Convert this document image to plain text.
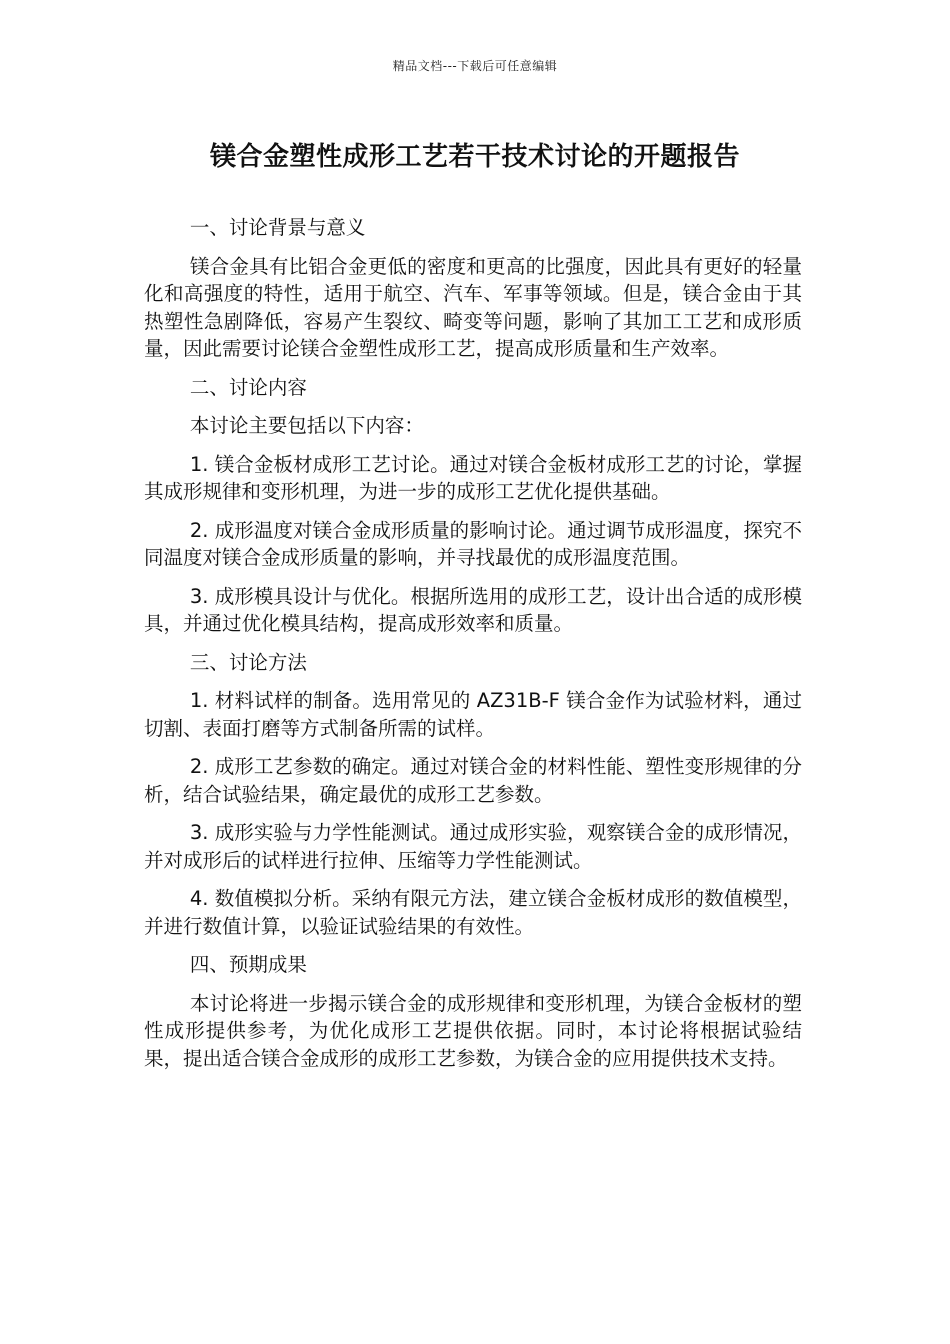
精品文档---下载后可任意编辑
镁合金塑性成形工艺若干技术讨论的开题报告

一、讨论背景与意义

镁合金具有比铝合金更低的密度和更高的比强度，因此具有更好的轻量化和高强度的特性，适用于航空、汽车、军事等领域。但是，镁合金由于其热塑性急剧降低，容易产生裂纹、畸变等问题，影响了其加工工艺和成形质量，因此需要讨论镁合金塑性成形工艺，提高成形质量和生产效率。

二、讨论内容

本讨论主要包括以下内容：

1. 镁合金板材成形工艺讨论。通过对镁合金板材成形工艺的讨论，掌握其成形规律和变形机理，为进一步的成形工艺优化提供基础。

2. 成形温度对镁合金成形质量的影响讨论。通过调节成形温度，探究不同温度对镁合金成形质量的影响，并寻找最优的成形温度范围。

3. 成形模具设计与优化。根据所选用的成形工艺，设计出合适的成形模具，并通过优化模具结构，提高成形效率和质量。

三、讨论方法

1. 材料试样的制备。选用常见的 AZ31B-F 镁合金作为试验材料，通过切割、表面打磨等方式制备所需的试样。

2. 成形工艺参数的确定。通过对镁合金的材料性能、塑性变形规律的分析，结合试验结果，确定最优的成形工艺参数。

3. 成形实验与力学性能测试。通过成形实验，观察镁合金的成形情况，并对成形后的试样进行拉伸、压缩等力学性能测试。

4. 数值模拟分析。采纳有限元方法，建立镁合金板材成形的数值模型，并进行数值计算，以验证试验结果的有效性。

四、预期成果

本讨论将进一步揭示镁合金的成形规律和变形机理，为镁合金板材的塑性成形提供参考，为优化成形工艺提供依据。同时，本讨论将根据试验结果，提出适合镁合金成形的成形工艺参数，为镁合金的应用提供技术支持。
